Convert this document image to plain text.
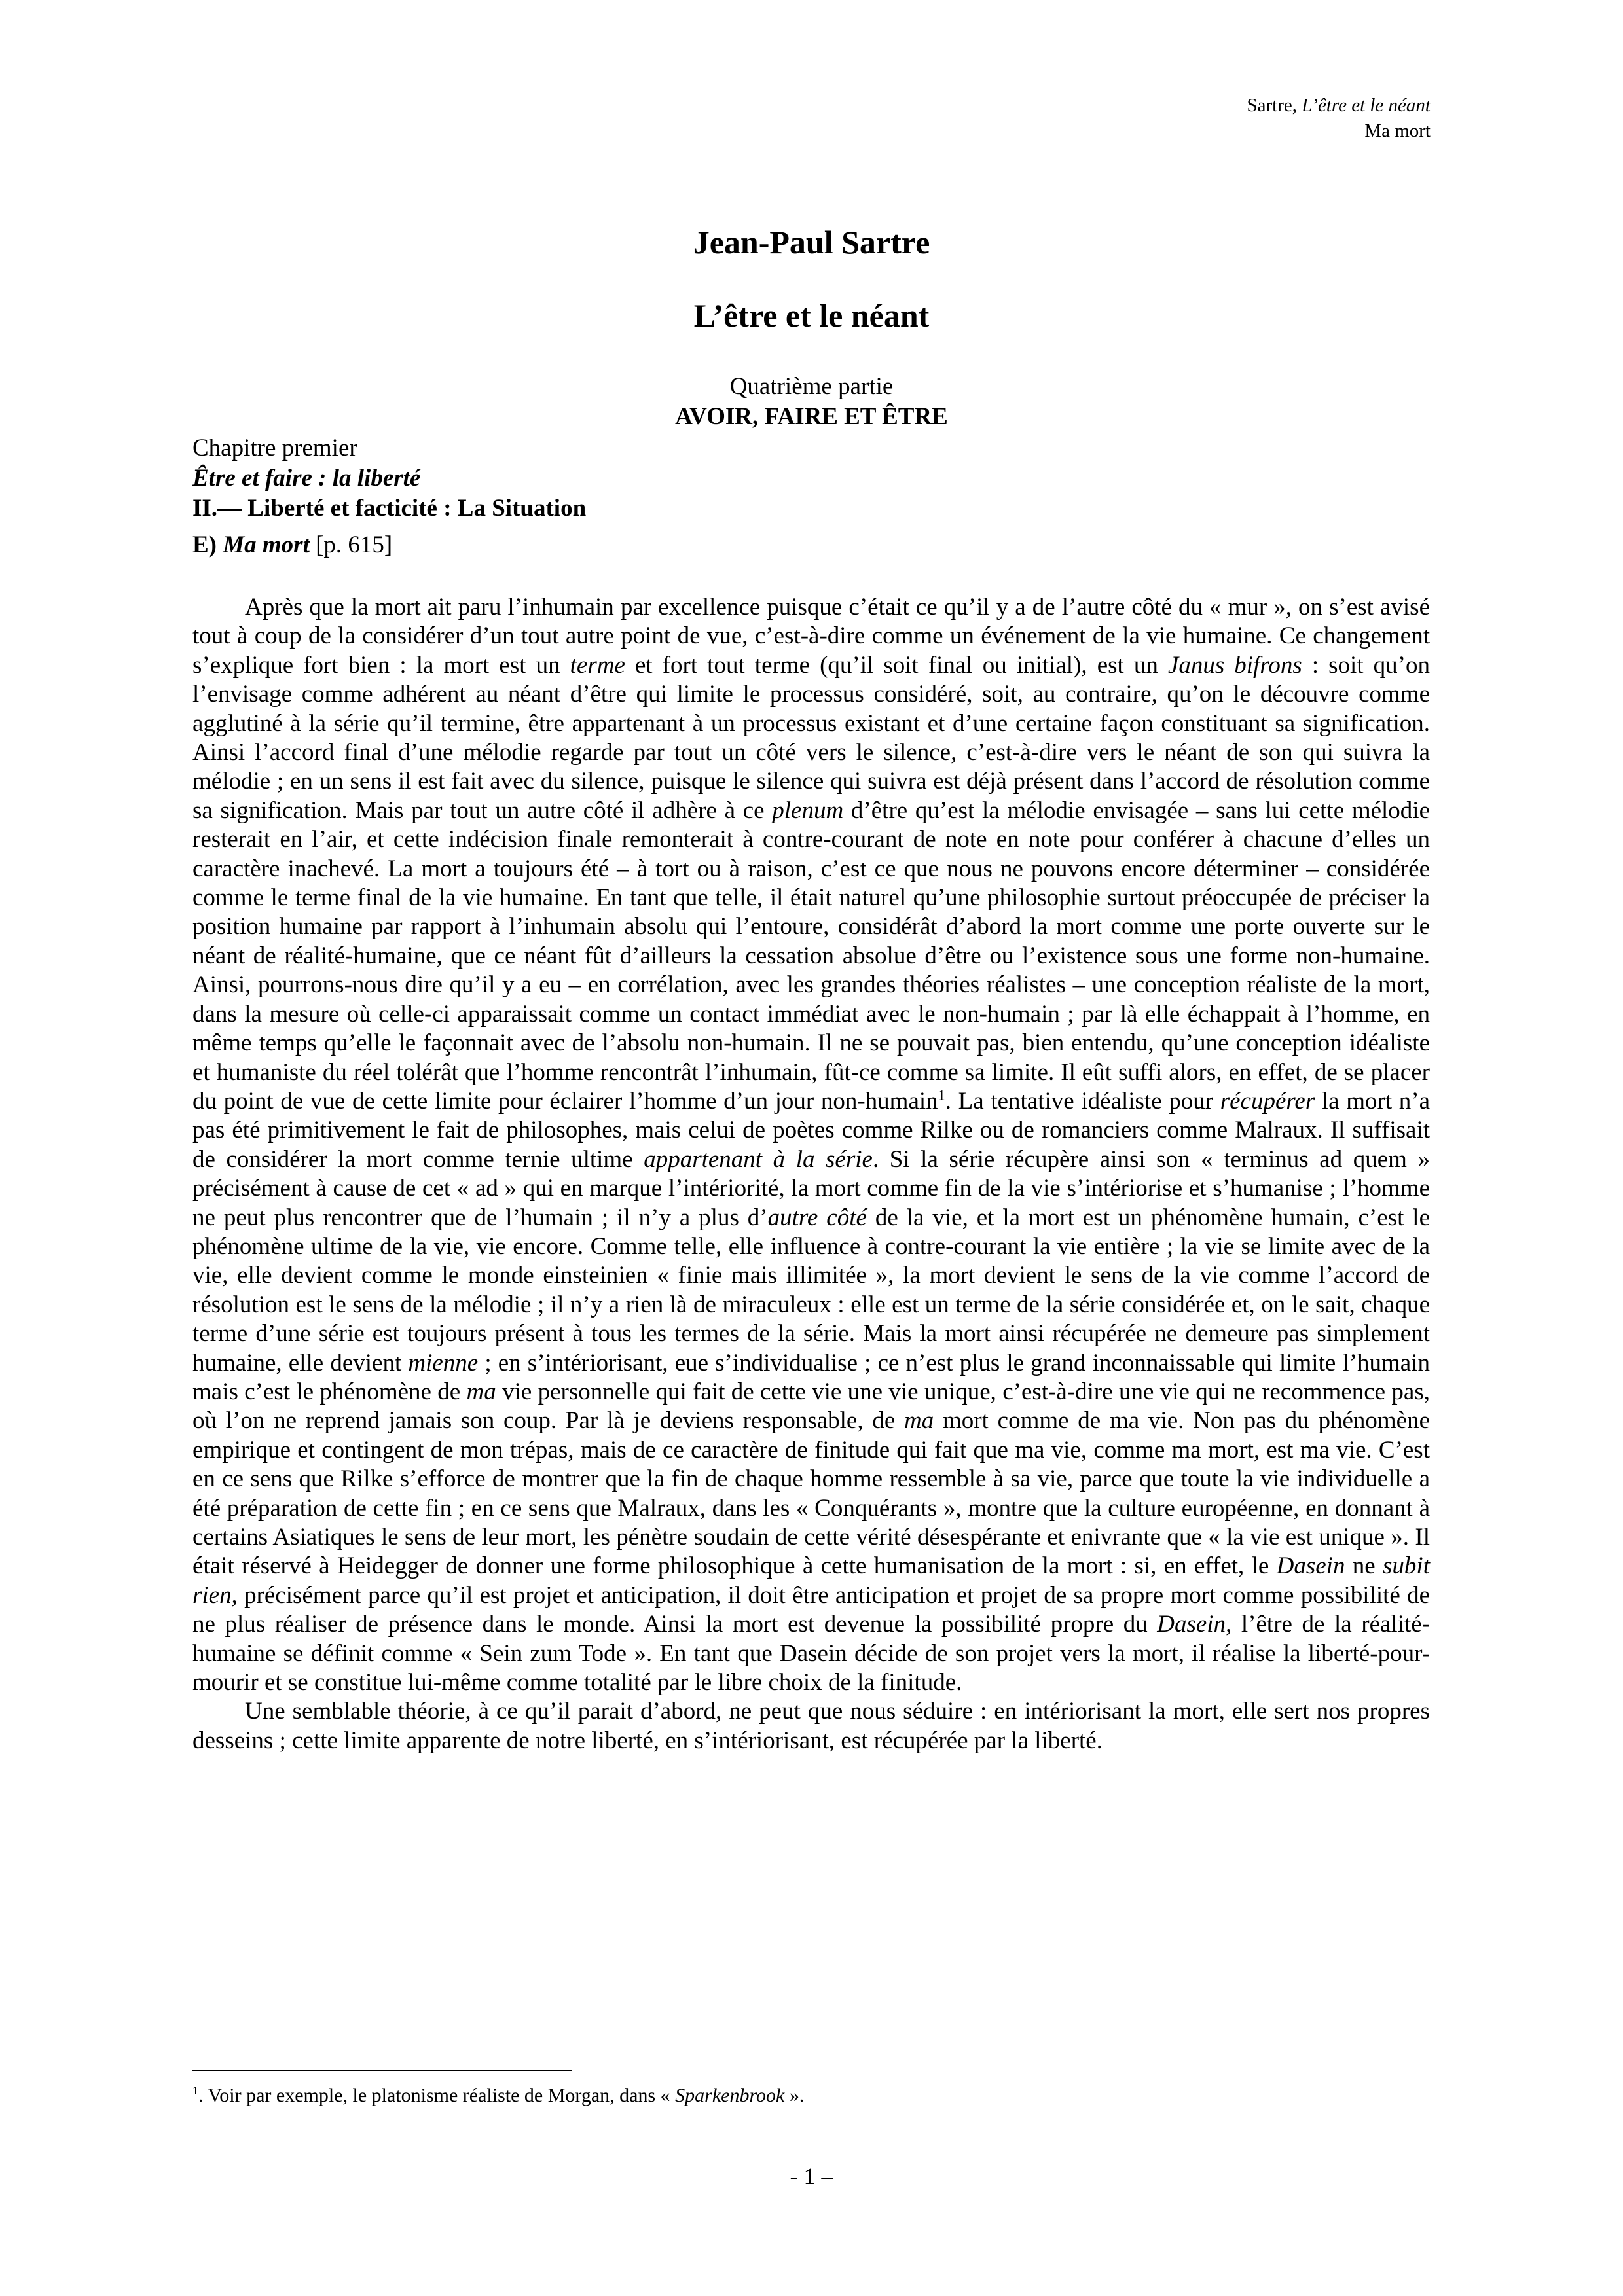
Sartre, L’être et le néant
Ma mort
Jean-Paul Sartre
L’être et le néant
Quatrième partie
AVOIR, FAIRE ET ÊTRE
Chapitre premier
Être et faire : la liberté
II.— Liberté et facticité : La Situation
E) Ma mort [p. 615]

Après que la mort ait paru l’inhumain par excellence puisque c’était ce qu’il y a de l’autre côté du « mur », on s’est avisé tout à coup de la considérer d’un tout autre point de vue, c’est-à-dire comme un événement de la vie humaine. Ce changement s’explique fort bien : la mort est un terme et fort tout terme (qu’il soit final ou initial), est un Janus bifrons : soit qu’on l’envisage comme adhérent au néant d’être qui limite le processus considéré, soit, au contraire, qu’on le découvre comme agglutiné à la série qu’il termine, être appartenant à un processus existant et d’une certaine façon constituant sa signification. Ainsi l’accord final d’une mélodie regarde par tout un côté vers le silence, c’est-à-dire vers le néant de son qui suivra la mélodie ; en un sens il est fait avec du silence, puisque le silence qui suivra est déjà présent dans l’accord de résolution comme sa signification. Mais par tout un autre côté il adhère à ce plenum d’être qu’est la mélodie envisagée – sans lui cette mélodie resterait en l’air, et cette indécision finale remonterait à contre-courant de note en note pour conférer à chacune d’elles un caractère inachevé. La mort a toujours été – à tort ou à raison, c’est ce que nous ne pouvons encore déterminer – considérée comme le terme final de la vie humaine. En tant que telle, il était naturel qu’une philosophie surtout préoccupée de préciser la position humaine par rapport à l’inhumain absolu qui l’entoure, considérât d’abord la mort comme une porte ouverte sur le néant de réalité-humaine, que ce néant fût d’ailleurs la cessation absolue d’être ou l’existence sous une forme non-humaine. Ainsi, pourrons-nous dire qu’il y a eu – en corrélation, avec les grandes théories réalistes – une conception réaliste de la mort, dans la mesure où celle-ci apparaissait comme un contact immédiat avec le non-humain ; par là elle échappait à l’homme, en même temps qu’elle le façonnait avec de l’absolu non-humain. Il ne se pouvait pas, bien entendu, qu’une conception idéaliste et humaniste du réel tolérât que l’homme rencontrât l’inhumain, fût-ce comme sa limite. Il eût suffi alors, en effet, de se placer du point de vue de cette limite pour éclairer l’homme d’un jour non-humain$^1$. La tentative idéaliste pour récupérer la mort n’a pas été primitivement le fait de philosophes, mais celui de poètes comme Rilke ou de romanciers comme Malraux. Il suffisait de considérer la mort comme ternie ultime appartenant à la série. Si la série récupère ainsi son « terminus ad quem » précisément à cause de cet « ad » qui en marque l’intériorité, la mort comme fin de la vie s’intériorise et s’humanise ; l’homme ne peut plus rencontrer que de l’humain ; il n’y a plus d’autre côté de la vie, et la mort est un phénomène humain, c’est le phénomène ultime de la vie, vie encore. Comme telle, elle influence à contre-courant la vie entière ; la vie se limite avec de la vie, elle devient comme le monde einsteinien « finie mais illimitée », la mort devient le sens de la vie comme l’accord de résolution est le sens de la mélodie ; il n’y a rien là de miraculeux : elle est un terme de la série considérée et, on le sait, chaque terme d’une série est toujours présent à tous les termes de la série. Mais la mort ainsi récupérée ne demeure pas simplement humaine, elle devient mienne ; en s’intériorisant, eue s’individualise ; ce n’est plus le grand inconnaissable qui limite l’humain mais c’est le phénomène de ma vie personnelle qui fait de cette vie une vie unique, c’est-à-dire une vie qui ne recommence pas, où l’on ne reprend jamais son coup. Par là je deviens responsable, de ma mort comme de ma vie. Non pas du phénomène empirique et contingent de mon trépas, mais de ce caractère de finitude qui fait que ma vie, comme ma mort, est ma vie. C’est en ce sens que Rilke s’efforce de montrer que la fin de chaque homme ressemble à sa vie, parce que toute la vie individuelle a été préparation de cette fin ; en ce sens que Malraux, dans les « Conquérants », montre que la culture européenne, en donnant à certains Asiatiques le sens de leur mort, les pénètre soudain de cette vérité désespérante et enivrante que « la vie est unique ». Il était réservé à Heidegger de donner une forme philosophique à cette humanisation de la mort : si, en effet, le Dasein ne subit rien, précisément parce qu’il est projet et anticipation, il doit être anticipation et projet de sa propre mort comme possibilité de ne plus réaliser de présence dans le monde. Ainsi la mort est devenue la possibilité propre du Dasein, l’être de la réalité-humaine se définit comme « Sein zum Tode ». En tant que Dasein décide de son projet vers la mort, il réalise la liberté-pour-mourir et se constitue lui-même comme totalité par le libre choix de la finitude.

Une semblable théorie, à ce qu’il parait d’abord, ne peut que nous séduire : en intériorisant la mort, elle sert nos propres desseins ; cette limite apparente de notre liberté, en s’intériorisant, est récupérée par la liberté.

$^1$. Voir par exemple, le platonisme réaliste de Morgan, dans « Sparkenbrook ».
- 1 –
